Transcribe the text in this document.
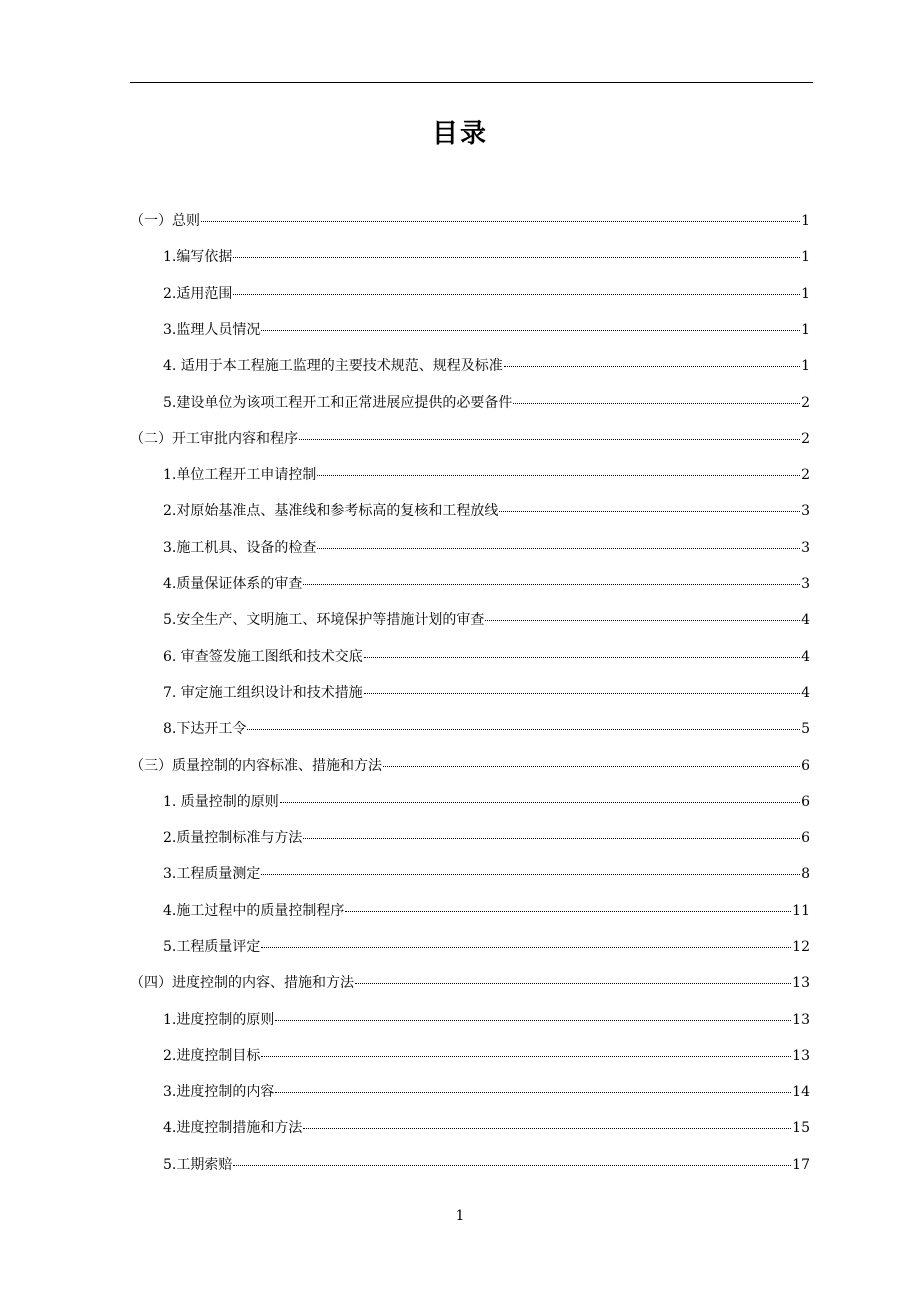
目录
（一）总则	1
1.编写依据	1
2.适用范围	1
3.监理人员情况	1
4. 适用于本工程施工监理的主要技术规范、规程及标准	1
5.建设单位为该项工程开工和正常进展应提供的必要备件	2
（二）开工审批内容和程序	2
1.单位工程开工申请控制	2
2.对原始基准点、基准线和参考标高的复核和工程放线	3
3.施工机具、设备的检查	3
4.质量保证体系的审查	3
5.安全生产、文明施工、环境保护等措施计划的审查	4
6. 审查签发施工图纸和技术交底	4
7. 审定施工组织设计和技术措施	4
8.下达开工令	5
（三）质量控制的内容标准、措施和方法	6
1. 质量控制的原则	6
2.质量控制标准与方法	6
3.工程质量测定	8
4.施工过程中的质量控制程序	11
5.工程质量评定	12
（四）进度控制的内容、措施和方法	13
1.进度控制的原则	13
2.进度控制目标	13
3.进度控制的内容	14
4.进度控制措施和方法	15
5.工期索赔	17
1
